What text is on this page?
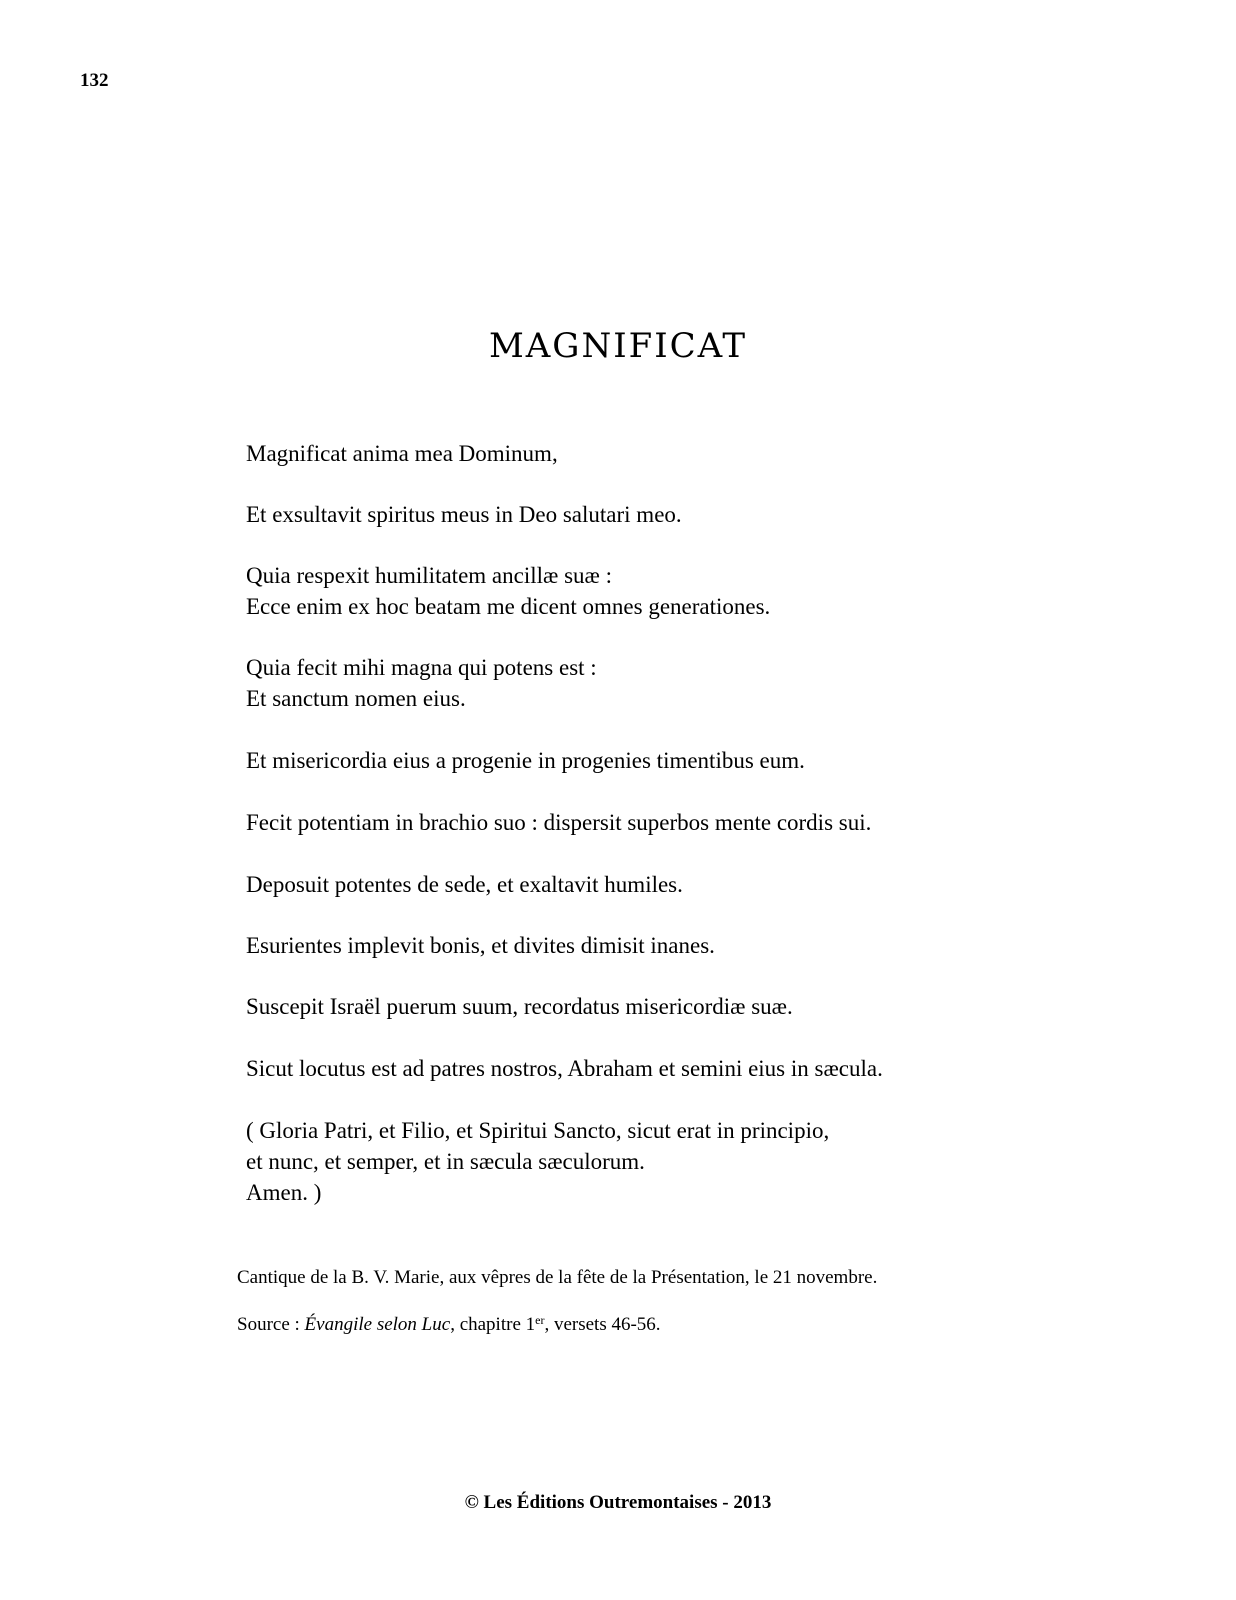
132
MAGNIFICAT
Magnificat anima mea Dominum,
Et exsultavit spiritus meus in Deo salutari meo.
Quia respexit humilitatem ancillæ suæ :
Ecce enim ex hoc beatam me dicent omnes generationes.
Quia fecit mihi magna qui potens est :
Et sanctum nomen eius.
Et misericordia eius a progenie in progenies timentibus eum.
Fecit potentiam in brachio suo : dispersit superbos mente cordis sui.
Deposuit potentes de sede, et exaltavit humiles.
Esurientes implevit bonis, et divites dimisit inanes.
Suscepit Israël puerum suum, recordatus misericordiæ suæ.
Sicut locutus est ad patres nostros, Abraham et semini eius in sæcula.
( Gloria Patri, et Filio, et Spiritui Sancto, sicut erat in principio,
et nunc, et semper, et in sæcula sæculorum.
Amen. )
Cantique de la B. V. Marie, aux vêpres de la fête de la Présentation, le 21 novembre.
Source : Évangile selon Luc, chapitre 1er, versets 46-56.
© Les Éditions Outremontaises - 2013
